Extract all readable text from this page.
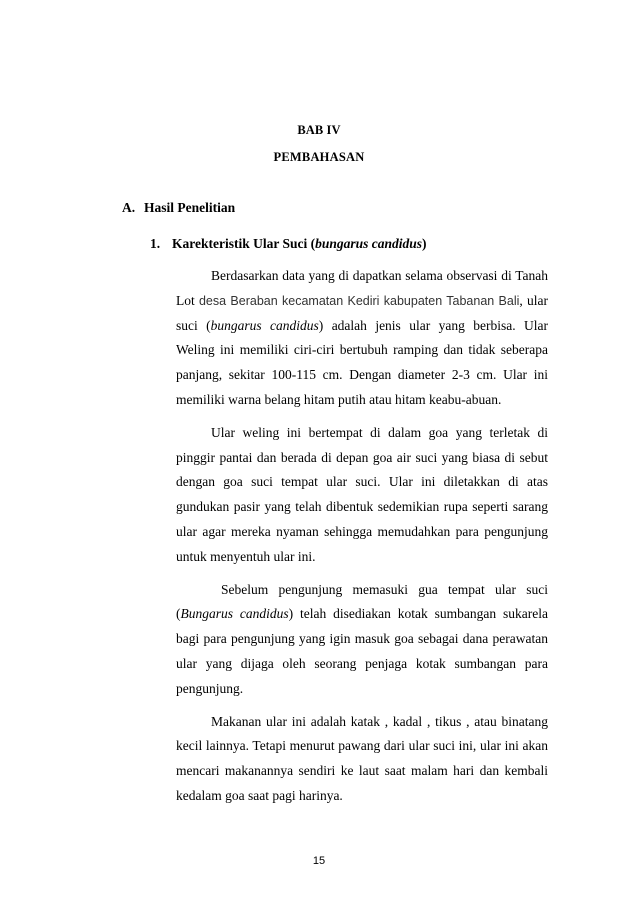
BAB IV
PEMBAHASAN
A. Hasil Penelitian
1. Karekteristik Ular Suci (bungarus candidus)

Berdasarkan data yang di dapatkan selama observasi di Tanah Lot desa Beraban kecamatan Kediri kabupaten Tabanan Bali, ular suci (bungarus candidus) adalah jenis ular yang berbisa. Ular Weling ini memiliki ciri-ciri bertubuh ramping dan tidak seberapa panjang, sekitar 100-115 cm. Dengan diameter 2-3 cm. Ular ini memiliki warna belang hitam putih atau hitam keabu-abuan.

Ular weling ini bertempat di dalam goa yang terletak di pinggir pantai dan berada di depan goa air suci yang biasa di sebut dengan goa suci tempat ular suci. Ular ini diletakkan di atas gundukan pasir yang telah dibentuk sedemikian rupa seperti sarang ular agar mereka nyaman sehingga memudahkan para pengunjung untuk menyentuh ular ini.

Sebelum pengunjung memasuki gua tempat ular suci (Bungarus candidus) telah disediakan kotak sumbangan sukarela bagi para pengunjung yang igin masuk goa sebagai dana perawatan ular yang dijaga oleh seorang penjaga kotak sumbangan para pengunjung.

Makanan ular ini adalah katak , kadal , tikus , atau binatang kecil lainnya. Tetapi menurut pawang dari ular suci ini, ular ini akan mencari makanannya sendiri ke laut saat malam hari dan kembali kedalam goa saat pagi harinya.

15
